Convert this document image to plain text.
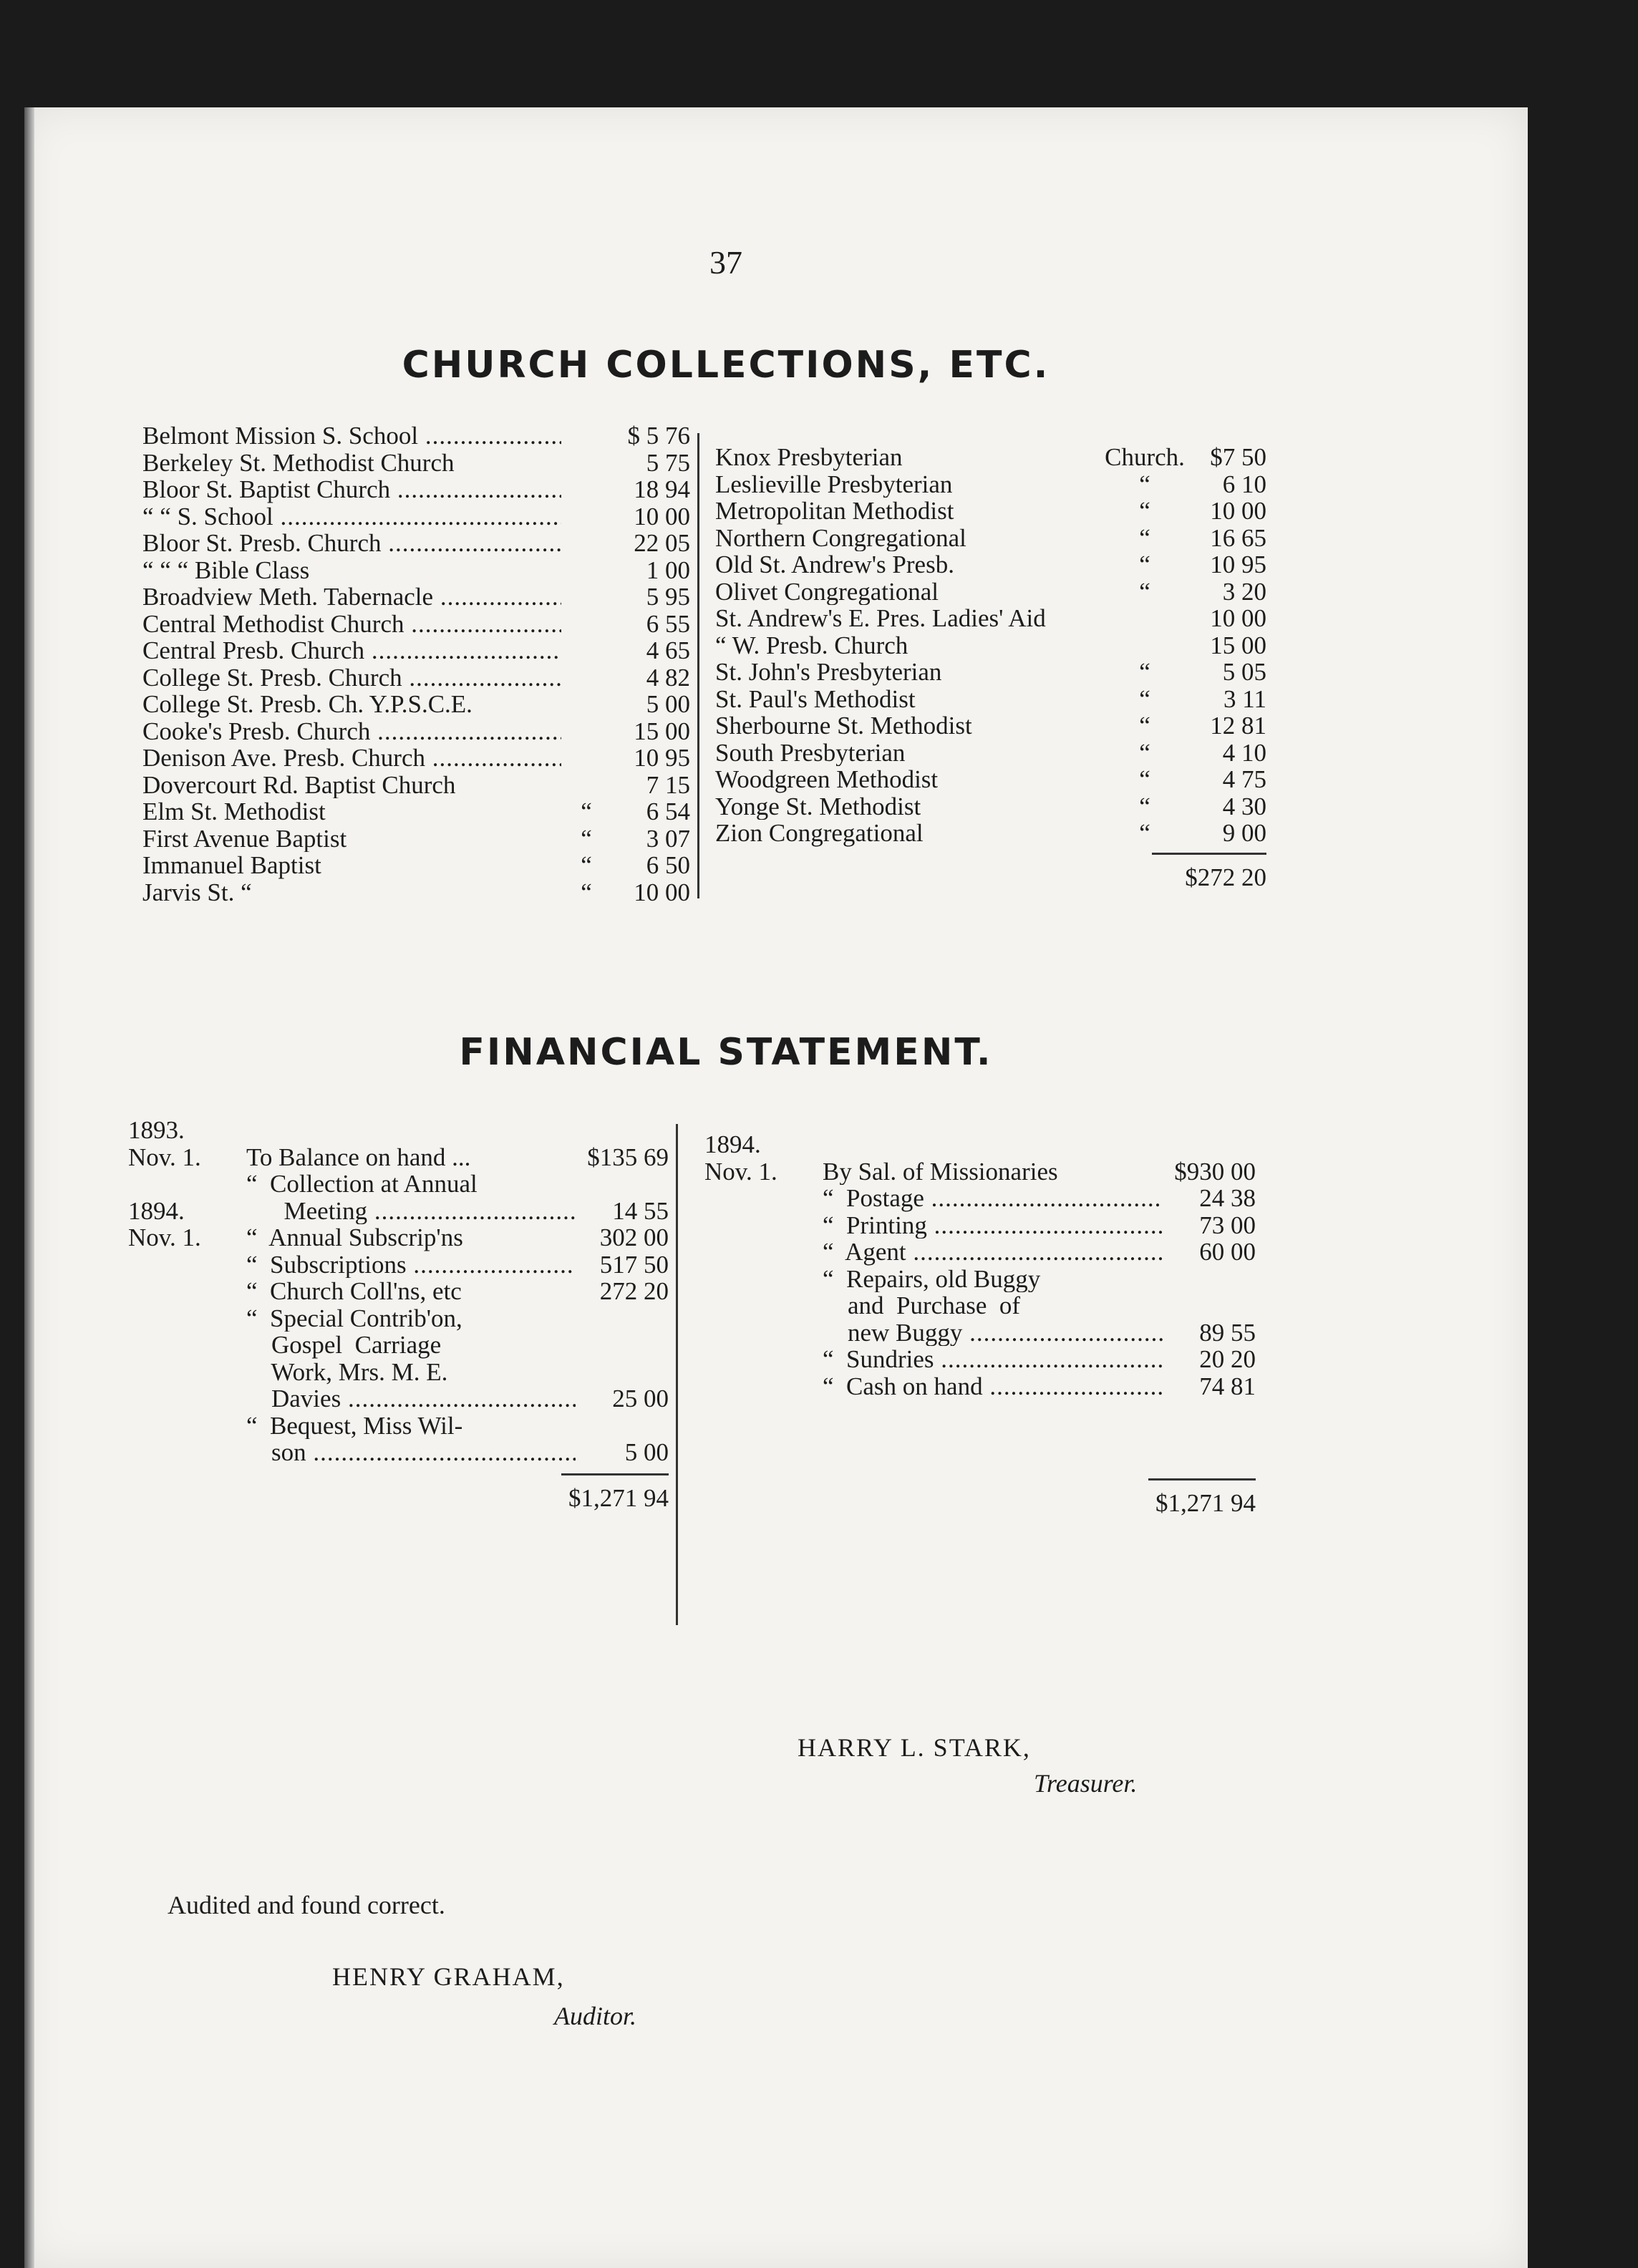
37
CHURCH COLLECTIONS, ETC.
Belmont Mission S. School .....	$ 5 76
Berkeley St. Methodist Church	5 75
Bloor St. Baptist Church .....	18 94
“ “ S. School .....	10 00
Bloor St. Presb. Church .....	22 05
“ “ “ Bible Class	1 00
Broadview Meth. Tabernacle .....	5 95
Central Methodist Church .....	6 55
Central Presb. Church .....	4 65
College St. Presb. Church .....	4 82
College St. Presb. Ch. Y.P.S.C.E.	5 00
Cooke's Presb. Church .....	15 00
Denison Ave. Presb. Church .....	10 95
Dovercourt Rd. Baptist Church	7 15
Elm St. Methodist	“	6 54
First Avenue Baptist	“	3 07
Immanuel Baptist	“	6 50
Jarvis St. “	“	10 00
Knox Presbyterian	Church.	$7 50
Leslieville Presbyterian	“	6 10
Metropolitan Methodist	“	10 00
Northern Congregational	“	16 65
Old St. Andrew's Presb.	“	10 95
Olivet Congregational	“	3 20
St. Andrew's E. Pres. Ladies' Aid	10 00
“ W. Presb. Church	15 00
St. John's Presbyterian	“	5 05
St. Paul's Methodist	“	3 11
Sherbourne St. Methodist	“	12 81
South Presbyterian	“	4 10
Woodgreen Methodist	“	4 75
Yonge St. Methodist	“	4 30
Zion Congregational	“	9 00
$272 20
FINANCIAL STATEMENT.
1893.
Nov. 1.	To Balance on hand ...	$135 69
“  Collection at Annual
1894.	Meeting .....	14 55
Nov. 1.	“  Annual Subscrip'ns	302 00
“  Subscriptions .....	517 50
“  Church Coll'ns, etc	272 20
“  Special Contrib'on,
Gospel  Carriage
Work, Mrs. M. E.
Davies .....	25 00
“  Bequest, Miss Wil-
son .....	5 00
$1,271 94
1894.
Nov. 1.	By Sal. of Missionaries	$930 00
“  Postage .....	24 38
“  Printing .....	73 00
“  Agent .....	60 00
“  Repairs, old Buggy
and  Purchase  of
new Buggy .....	89 55
“  Sundries .....	20 20
“  Cash on hand .....	74 81
$1,271 94
HARRY L. STARK,
Treasurer.
Audited and found correct.
HENRY GRAHAM,
Auditor.
